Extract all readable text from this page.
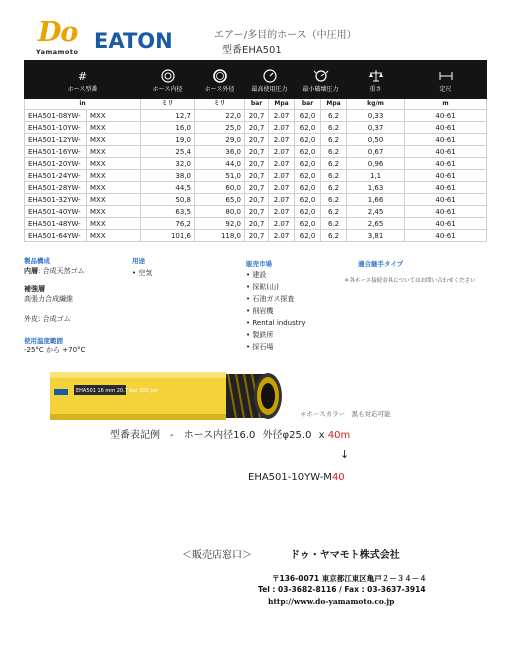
Do
Yamamoto EATON	エアー/多目的ホース（中圧用）
型番EHA501
#
ホース型番		ホース内径	ホース外径	最高使用圧力		最小破壊圧力		重さ	定尺
in		ミリ	ミリ	bar	Mpa	bar	Mpa	kg/m	m
EHA501-08YW-	MXX	12,7	22,0	20,7	2.07	62,0	6.2	0,33	40-61
EHA501-10YW-	MXX	16,0	25,0	20,7	2.07	62,0	6.2	0,37	40-61
EHA501-12YW-	MXX	19,0	29,0	20,7	2.07	62,0	6.2	0,50	40-61
EHA501-16YW-	MXX	25,4	36,0	20,7	2.07	62,0	6.2	0,67	40-61
EHA501-20YW-	MXX	32,0	44,0	20,7	2.07	62,0	6.2	0,96	40-61
EHA501-24YW-	MXX	38,0	51,0	20,7	2.07	62,0	6.2	1,1	40-61
EHA501-28YW-	MXX	44,5	60,0	20,7	2.07	62,0	6.2	1,63	40-61
EHA501-32YW-	MXX	50,8	65,0	20,7	2.07	62,0	6.2	1,66	40-61
EHA501-40YW-	MXX	63,5	80,0	20,7	2.07	62,0	6.2	2,45	40-61
EHA501-48YW-	MXX	76,2	92,0	20,7	2.07	62,0	6.2	2,65	40-61
EHA501-64YW-	MXX	101,6	118,0	20,7	2.07	62,0	6.2	3,81	40-61
製品構成
内層: 合成天然ゴム
補強層
高張力合成繊維
外皮: 合成ゴム
使用温度範囲
-25°C から +70°C
用途
• 空気
販売市場
• 建設
• 採鉱(山)
• 石油ガス探査
• 削岩機
• Rental industry
• 製鉄所
• 採石場
適合継手タイプ
＊各ホース接続金具についてはお問い合わせください
EHA501 16 mm 20.7 bar 300 psi
＊ホースカラー　黒も対応可能
型番表記例　-　ホース内径16.0 外径φ25.0 x 40m
↓
EHA501-10YW-M40
＜販売店窓口＞	ドゥ・ヤマモト株式会社
〒136-0071 東京都江東区亀戸２－３４－４
Tel : 03-3682-8116 / Fax : 03-3637-3914
http://www.do-yamamoto.co.jp
